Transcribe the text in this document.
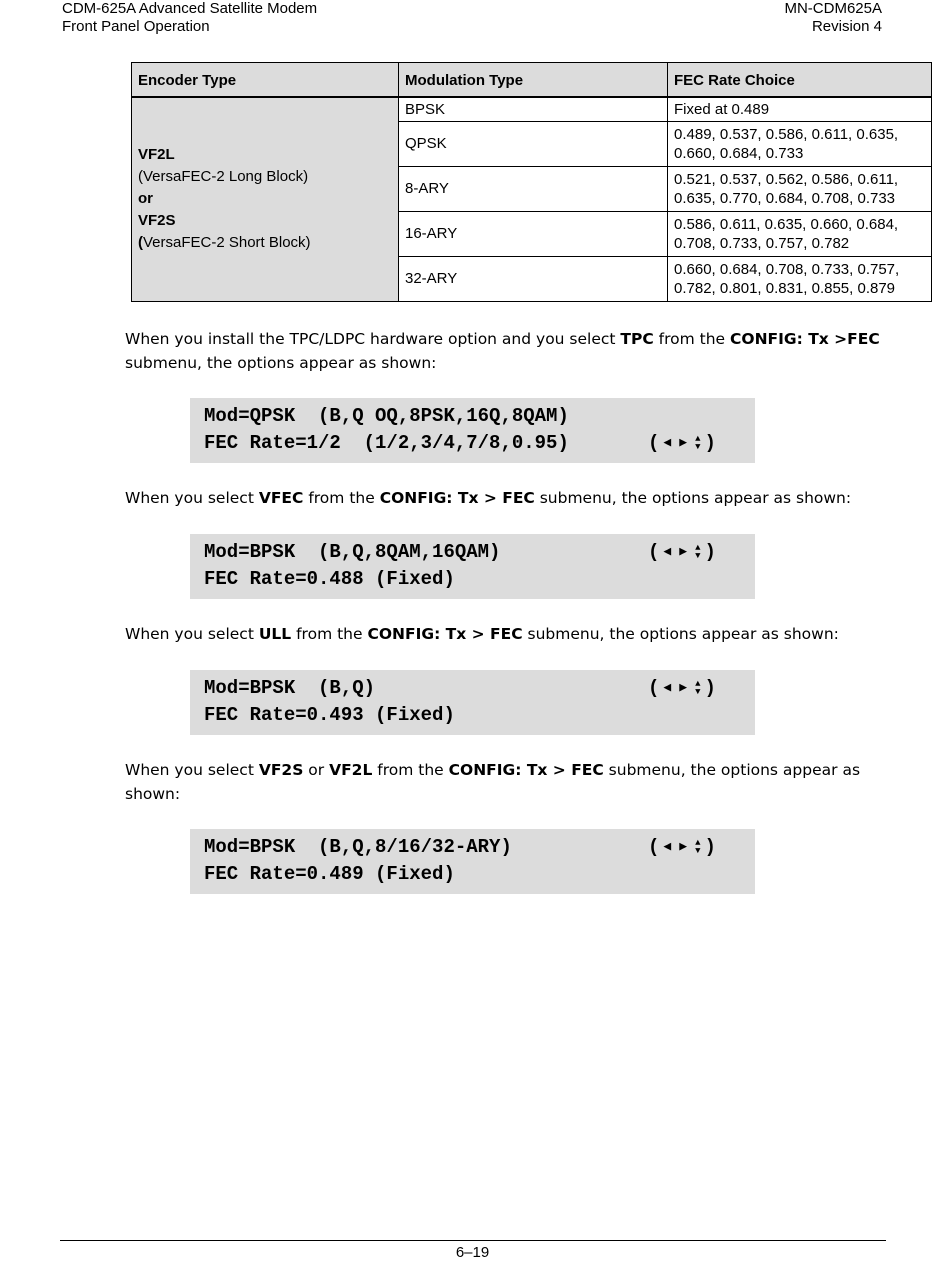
CDM-625A Advanced Satellite Modem
Front Panel Operation
MN-CDM625A
Revision 4
Encoder Type	Modulation Type	FEC Rate Choice

VF2L
(VersaFEC-2 Long Block)
or
VF2S
(VersaFEC-2 Short Block)	BPSK	Fixed at 0.489
	QPSK	0.489, 0.537, 0.586, 0.611, 0.635,
0.660, 0.684, 0.733

	8-ARY	0.521, 0.537, 0.562, 0.586, 0.611,
0.635, 0.770, 0.684, 0.708, 0.733

	16-ARY	0.586, 0.611, 0.635, 0.660, 0.684,
0.708, 0.733, 0.757, 0.782

	32-ARY	0.660, 0.684, 0.708, 0.733, 0.757,
0.782, 0.801, 0.831, 0.855, 0.879
When you install the TPC/LDPC hardware option and you select TPC from the CONFIG: Tx >FEC submenu, the options appear as shown:
Mod=QPSK  (B,Q OQ,8PSK,16Q,8QAM)
FEC Rate=1/2  (1/2,3/4,7/8,0.95)	( ◀ ▶ ▲
▼ )
When you select VFEC from the CONFIG: Tx > FEC submenu, the options appear as shown:
Mod=BPSK  (B,Q,8QAM,16QAM)
FEC Rate=0.488 (Fixed)
( ◀ ▶ ▲
▼ )
When you select ULL from the CONFIG: Tx > FEC submenu, the options appear as shown:
Mod=BPSK  (B,Q)
FEC Rate=0.493 (Fixed)
( ◀ ▶ ▲
▼ )
When you select VF2S or VF2L from the CONFIG: Tx > FEC submenu, the options appear as shown:
Mod=BPSK  (B,Q,8/16/32-ARY)
FEC Rate=0.489 (Fixed)
( ◀ ▶ ▲
▼ )
6–19
